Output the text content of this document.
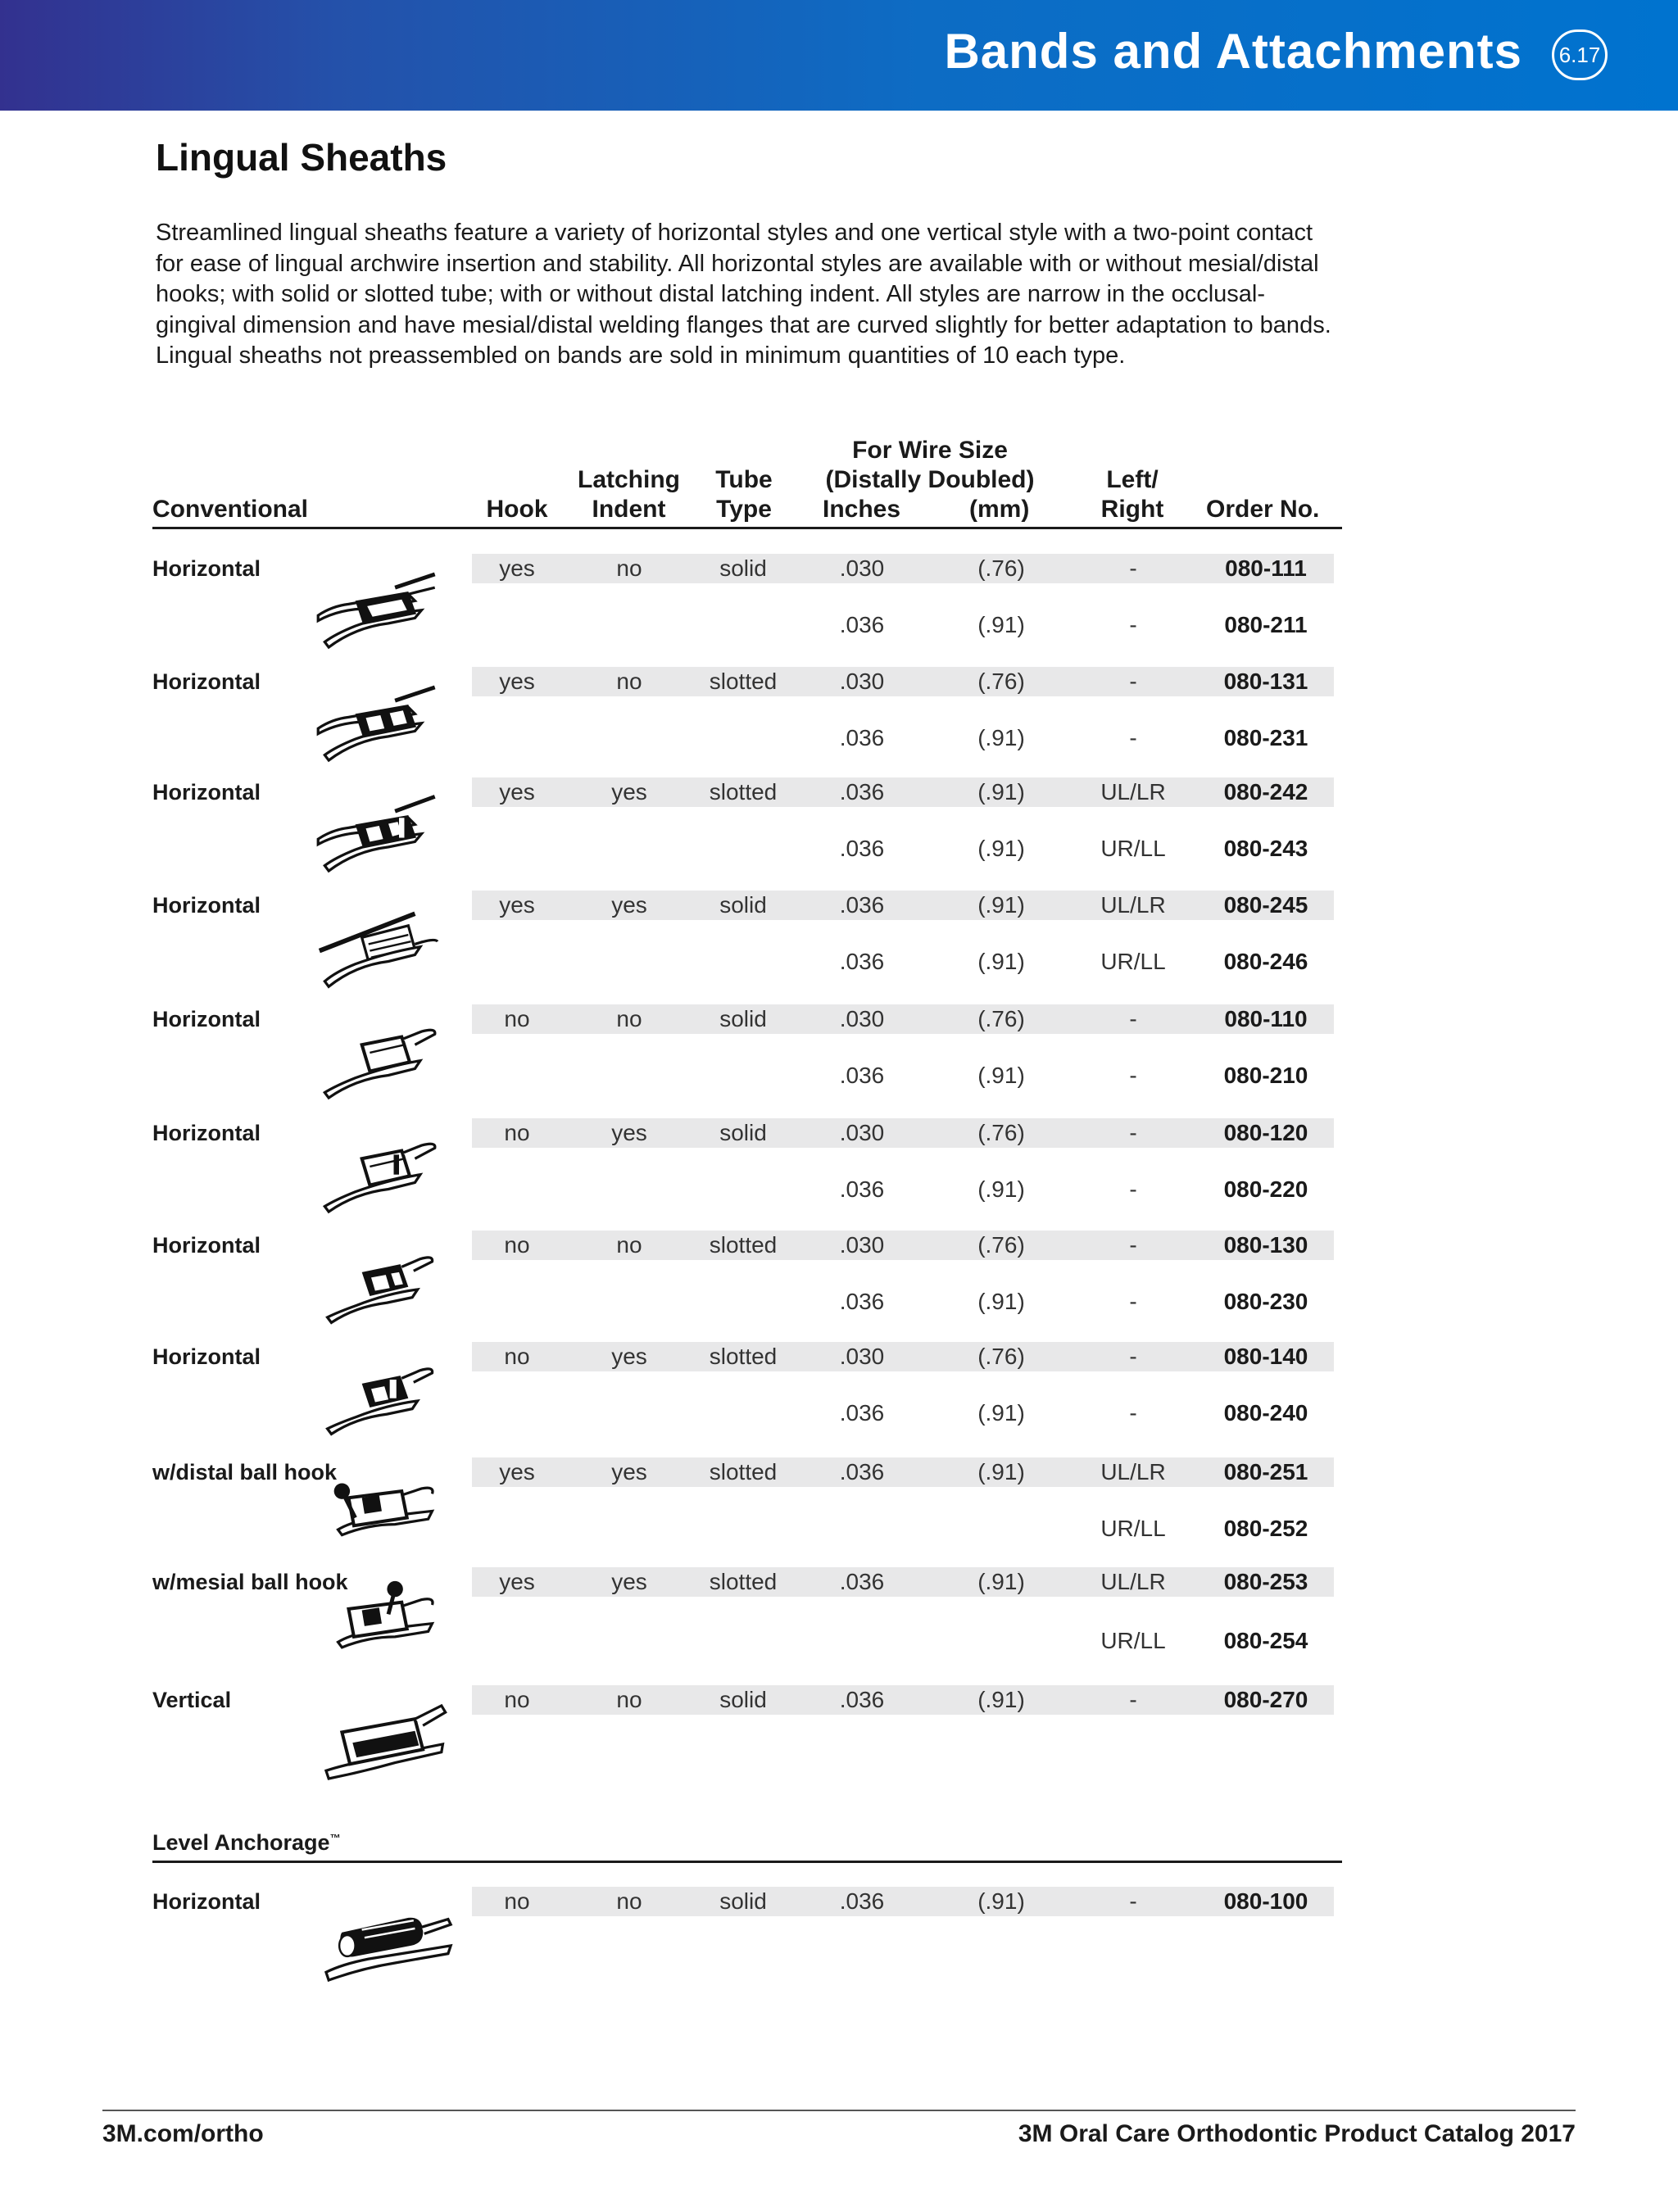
Bands and Attachments	6.17
Lingual Sheaths
Streamlined lingual sheaths feature a variety of horizontal styles and one vertical style with a two-point contact
for ease of lingual archwire insertion and stability. All horizontal styles are available with or without mesial/distal
hooks; with solid or slotted tube; with or without distal latching indent. All styles are narrow in the occlusal-
gingival dimension and have mesial/distal welding flanges that are curved slightly for better adaptation to bands.
Lingual sheaths not preassembled on bands are sold in minimum quantities of 10 each type.
Conventional	Hook
Latching
Indent
Tube
Type
For Wire Size
(Distally Doubled)
Inches	(mm)
Left/
Right	Order No.
Horizontal	yes	no	solid	.030	(.76)	-	080-111
.036	(.91)	-	080-211
Horizontal	yes	no	slotted	.030	(.76)	-	080-131
.036	(.91)	-	080-231
Horizontal	yes	yes	slotted	.036	(.91)	UL/LR	080-242
.036	(.91)	UR/LL	080-243
Horizontal	yes	yes	solid	.036	(.91)	UL/LR	080-245
.036	(.91)	UR/LL	080-246
Horizontal	no	no	solid	.030	(.76)	-	080-110
.036	(.91)	-	080-210
Horizontal	no	yes	solid	.030	(.76)	-	080-120
.036	(.91)	-	080-220
Horizontal	no	no	slotted	.030	(.76)	-	080-130
.036	(.91)	-	080-230
Horizontal	no	yes	slotted	.030	(.76)	-	080-140
.036	(.91)	-	080-240
w/distal ball hook	yes	yes	slotted	.036	(.91)	UL/LR	080-251
UR/LL	080-252
w/mesial ball hook	yes	yes	slotted	.036	(.91)	UL/LR	080-253
UR/LL	080-254
Vertical	no	no	solid	.036	(.91)	-	080-270
Level Anchorage™
Horizontal	no	no	solid	.036	(.91)	-	080-100
3M.com/ortho	3M Oral Care Orthodontic Product Catalog 2017
